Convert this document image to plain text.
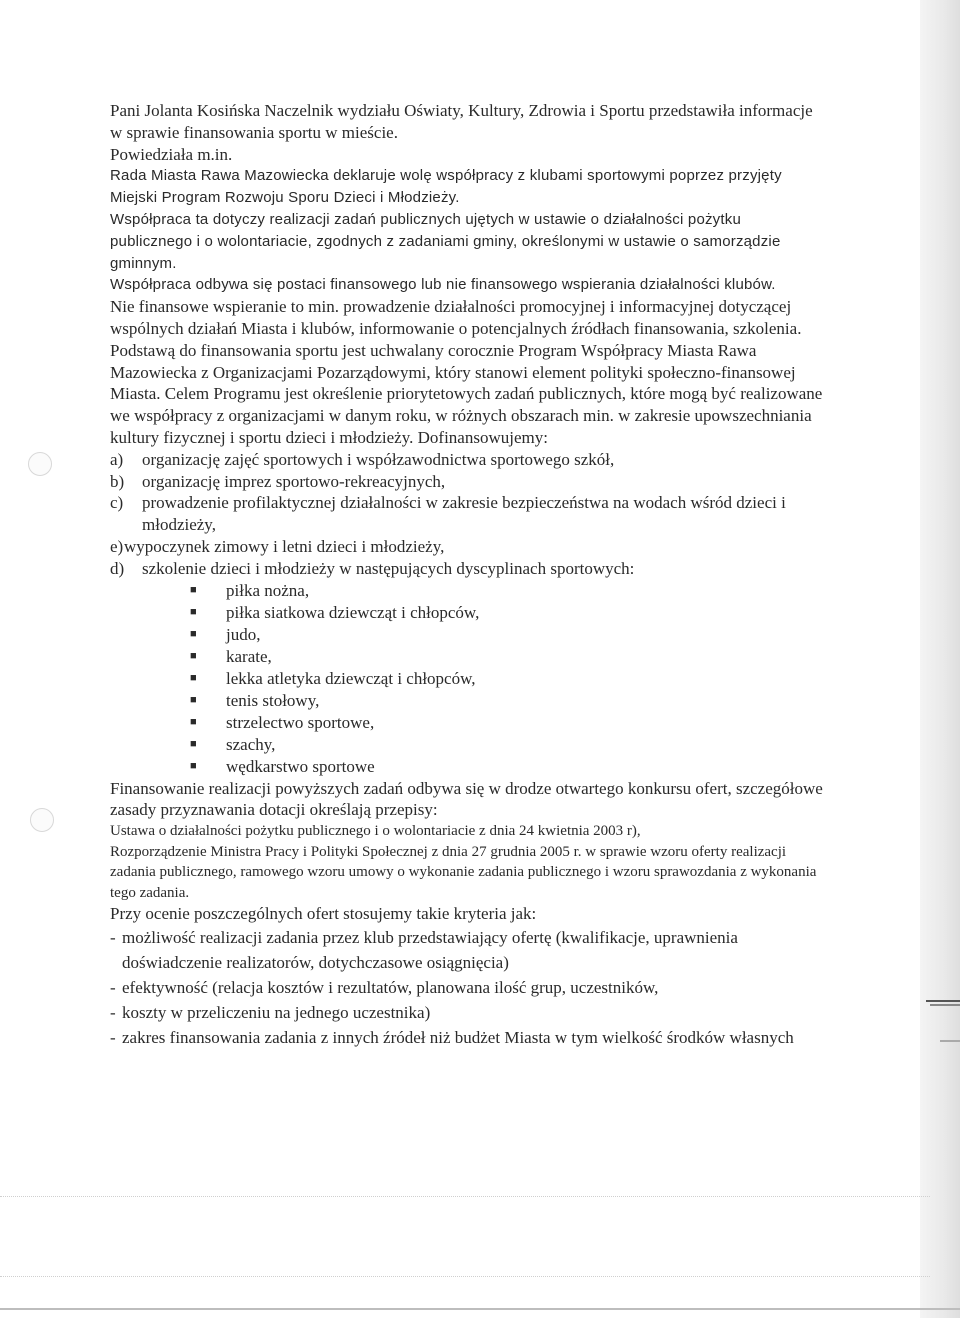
Pani Jolanta Kosińska Naczelnik wydziału Oświaty, Kultury, Zdrowia i Sportu przedstawiła informacje w sprawie finansowania sportu w mieście.

Powiedziała m.in.

Rada Miasta Rawa Mazowiecka deklaruje wolę współpracy z klubami sportowymi poprzez przyjęty Miejski Program Rozwoju Sporu Dzieci i Młodzieży.

Współpraca ta dotyczy realizacji zadań publicznych ujętych w ustawie o działalności pożytku publicznego i o wolontariacie, zgodnych z zadaniami gminy, określonymi w ustawie o samorządzie gminnym.

Współpraca odbywa się postaci finansowego lub nie finansowego wspierania działalności klubów.

Nie finansowe wspieranie to min. prowadzenie działalności promocyjnej i informacyjnej dotyczącej wspólnych działań Miasta i klubów, informowanie o potencjalnych źródłach finansowania, szkolenia.

Podstawą do finansowania sportu jest uchwalany corocznie Program Współpracy Miasta Rawa Mazowiecka z Organizacjami Pozarządowymi, który stanowi element polityki społeczno-finansowej Miasta. Celem Programu jest określenie priorytetowych zadań publicznych, które mogą być realizowane we współpracy z organizacjami w danym roku, w różnych obszarach min. w zakresie upowszechniania kultury fizycznej i sportu dzieci i młodzieży. Dofinansowujemy:

a)	organizację zajęć sportowych i współzawodnictwa sportowego szkół,
b)	organizację imprez sportowo-rekreacyjnych,
c)	prowadzenie profilaktycznej działalności w zakresie bezpieczeństwa na wodach wśród dzieci i młodzieży,
e) wypoczynek zimowy i letni dzieci i młodzieży,
d)	szkolenie dzieci i młodzieży w następujących dyscyplinach sportowych:
■	piłka nożna,
■	piłka siatkowa dziewcząt i chłopców,
■	judo,
■	karate,
■	lekka atletyka dziewcząt i chłopców,
■	tenis stołowy,
■	strzelectwo sportowe,
■	szachy,
■	wędkarstwo sportowe

Finansowanie realizacji powyższych zadań odbywa się w drodze otwartego konkursu ofert, szczegółowe zasady przyznawania dotacji określają przepisy:

Ustawa o działalności pożytku publicznego i o wolontariacie z dnia 24 kwietnia 2003 r),

Rozporządzenie Ministra Pracy i Polityki Społecznej z dnia 27 grudnia 2005 r. w sprawie wzoru oferty realizacji zadania publicznego, ramowego wzoru umowy o wykonanie zadania publicznego i wzoru sprawozdania z wykonania tego zadania.

Przy ocenie poszczególnych ofert stosujemy takie kryteria jak:

- możliwość realizacji zadania przez klub przedstawiający ofertę (kwalifikacje, uprawnienia doświadczenie realizatorów, dotychczasowe osiągnięcia)
- efektywność (relacja kosztów i rezultatów, planowana ilość grup, uczestników,
- koszty w przeliczeniu na jednego uczestnika)
- zakres finansowania zadania z innych źródeł niż budżet Miasta w tym wielkość środków własnych
